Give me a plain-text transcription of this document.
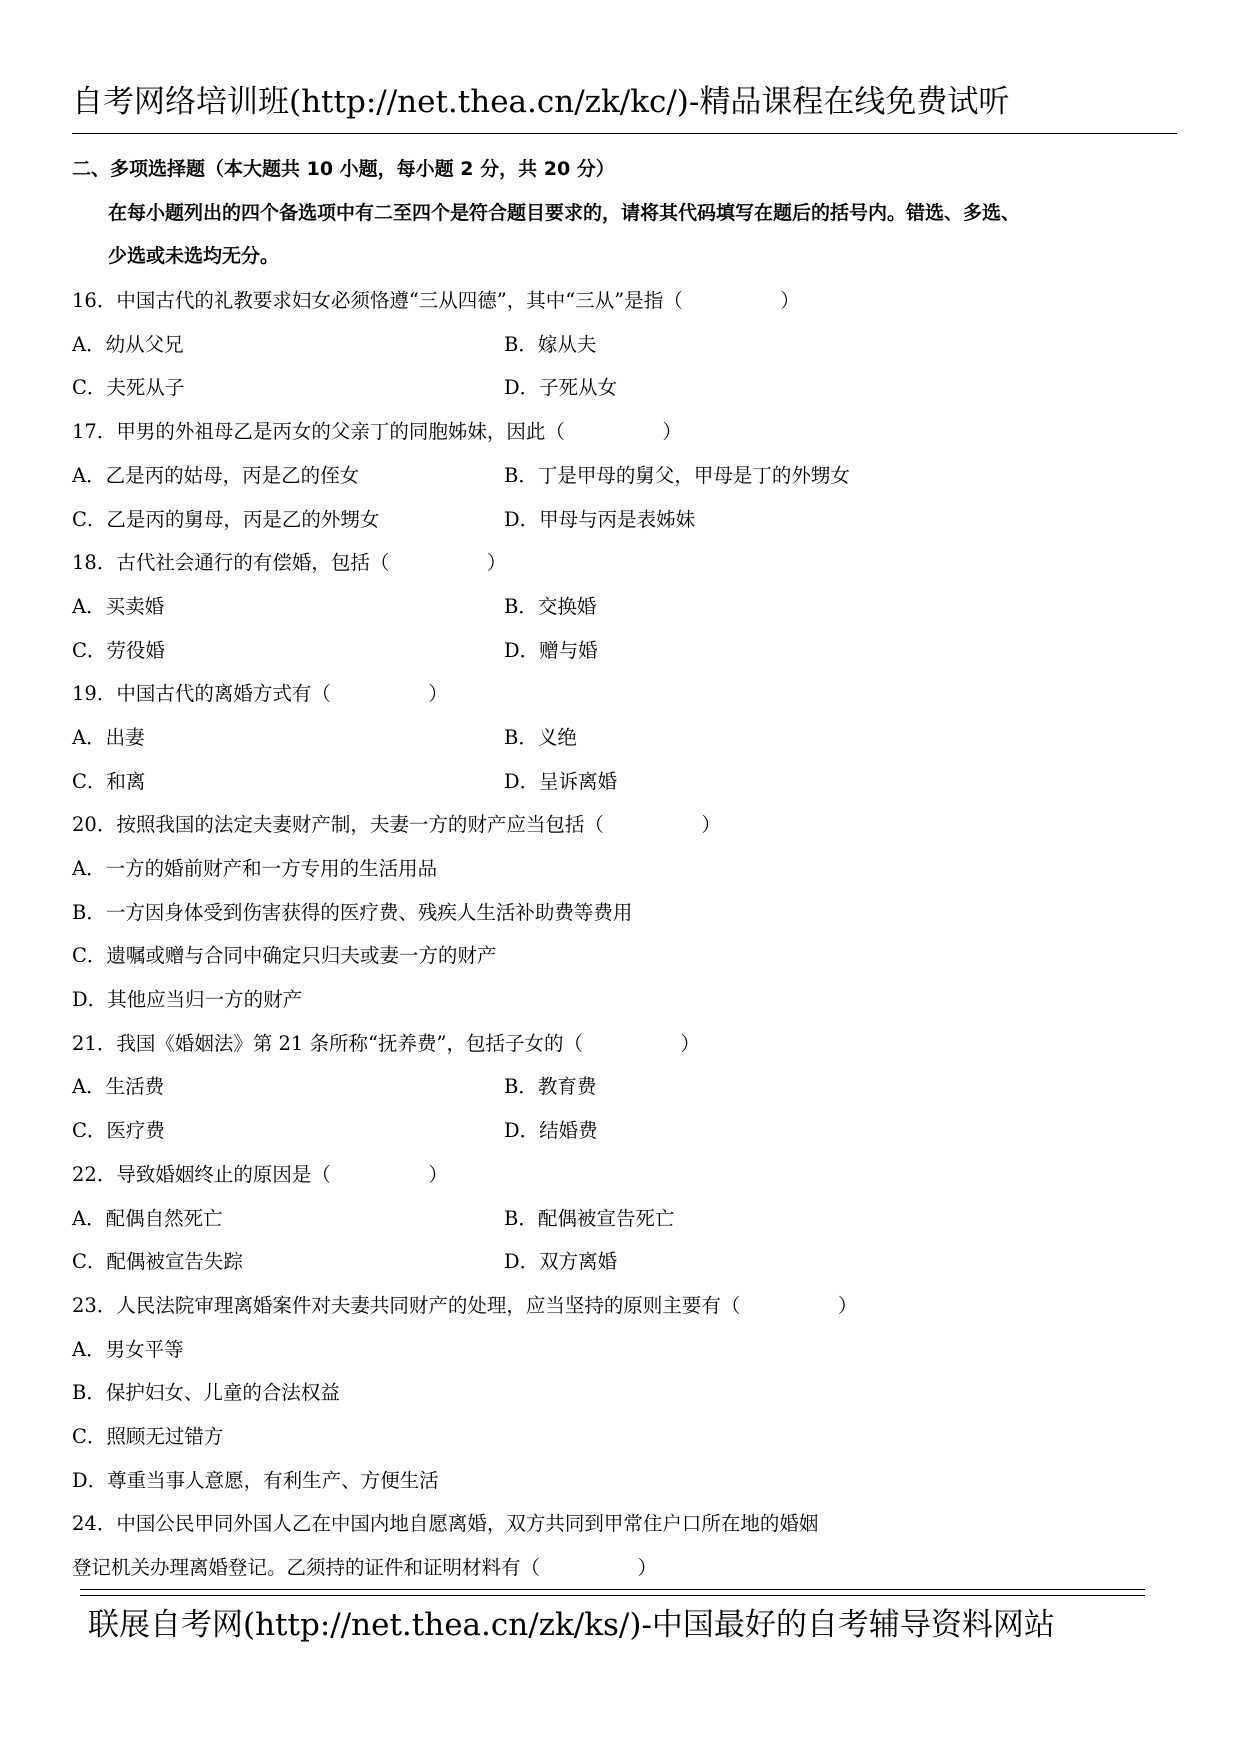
自考网络培训班(http://net.thea.cn/zk/kc/)-精品课程在线免费试听
二、多项选择题（本大题共 10 小题，每小题 2 分，共 20 分）
在每小题列出的四个备选项中有二至四个是符合题目要求的，请将其代码填写在题后的括号内。错选、多选、
少选或未选均无分。
16．中国古代的礼教要求妇女必须恪遵“三从四德”，其中“三从”是指（　　　　　）
A．幼从父兄	B．嫁从夫
C．夫死从子	D．子死从女
17．甲男的外祖母乙是丙女的父亲丁的同胞姊妹，因此（　　　　　）
A．乙是丙的姑母，丙是乙的侄女	B．丁是甲母的舅父，甲母是丁的外甥女
C．乙是丙的舅母，丙是乙的外甥女	D．甲母与丙是表姊妹
18．古代社会通行的有偿婚，包括（　　　　　）
A．买卖婚	B．交换婚
C．劳役婚	D．赠与婚
19．中国古代的离婚方式有（　　　　　）
A．出妻	B．义绝
C．和离	D．呈诉离婚
20．按照我国的法定夫妻财产制，夫妻一方的财产应当包括（　　　　　）
A．一方的婚前财产和一方专用的生活用品
B．一方因身体受到伤害获得的医疗费、残疾人生活补助费等费用
C．遗嘱或赠与合同中确定只归夫或妻一方的财产
D．其他应当归一方的财产
21．我国《婚姻法》第 21 条所称“抚养费”，包括子女的（　　　　　）
A．生活费	B．教育费
C．医疗费	D．结婚费
22．导致婚姻终止的原因是（　　　　　）
A．配偶自然死亡	B．配偶被宣告死亡
C．配偶被宣告失踪	D．双方离婚
23．人民法院审理离婚案件对夫妻共同财产的处理，应当坚持的原则主要有（　　　　　）
A．男女平等
B．保护妇女、儿童的合法权益
C．照顾无过错方
D．尊重当事人意愿，有利生产、方便生活
24．中国公民甲同外国人乙在中国内地自愿离婚，双方共同到甲常住户口所在地的婚姻
登记机关办理离婚登记。乙须持的证件和证明材料有（　　　　　）
联展自考网(http://net.thea.cn/zk/ks/)-中国最好的自考辅导资料网站
